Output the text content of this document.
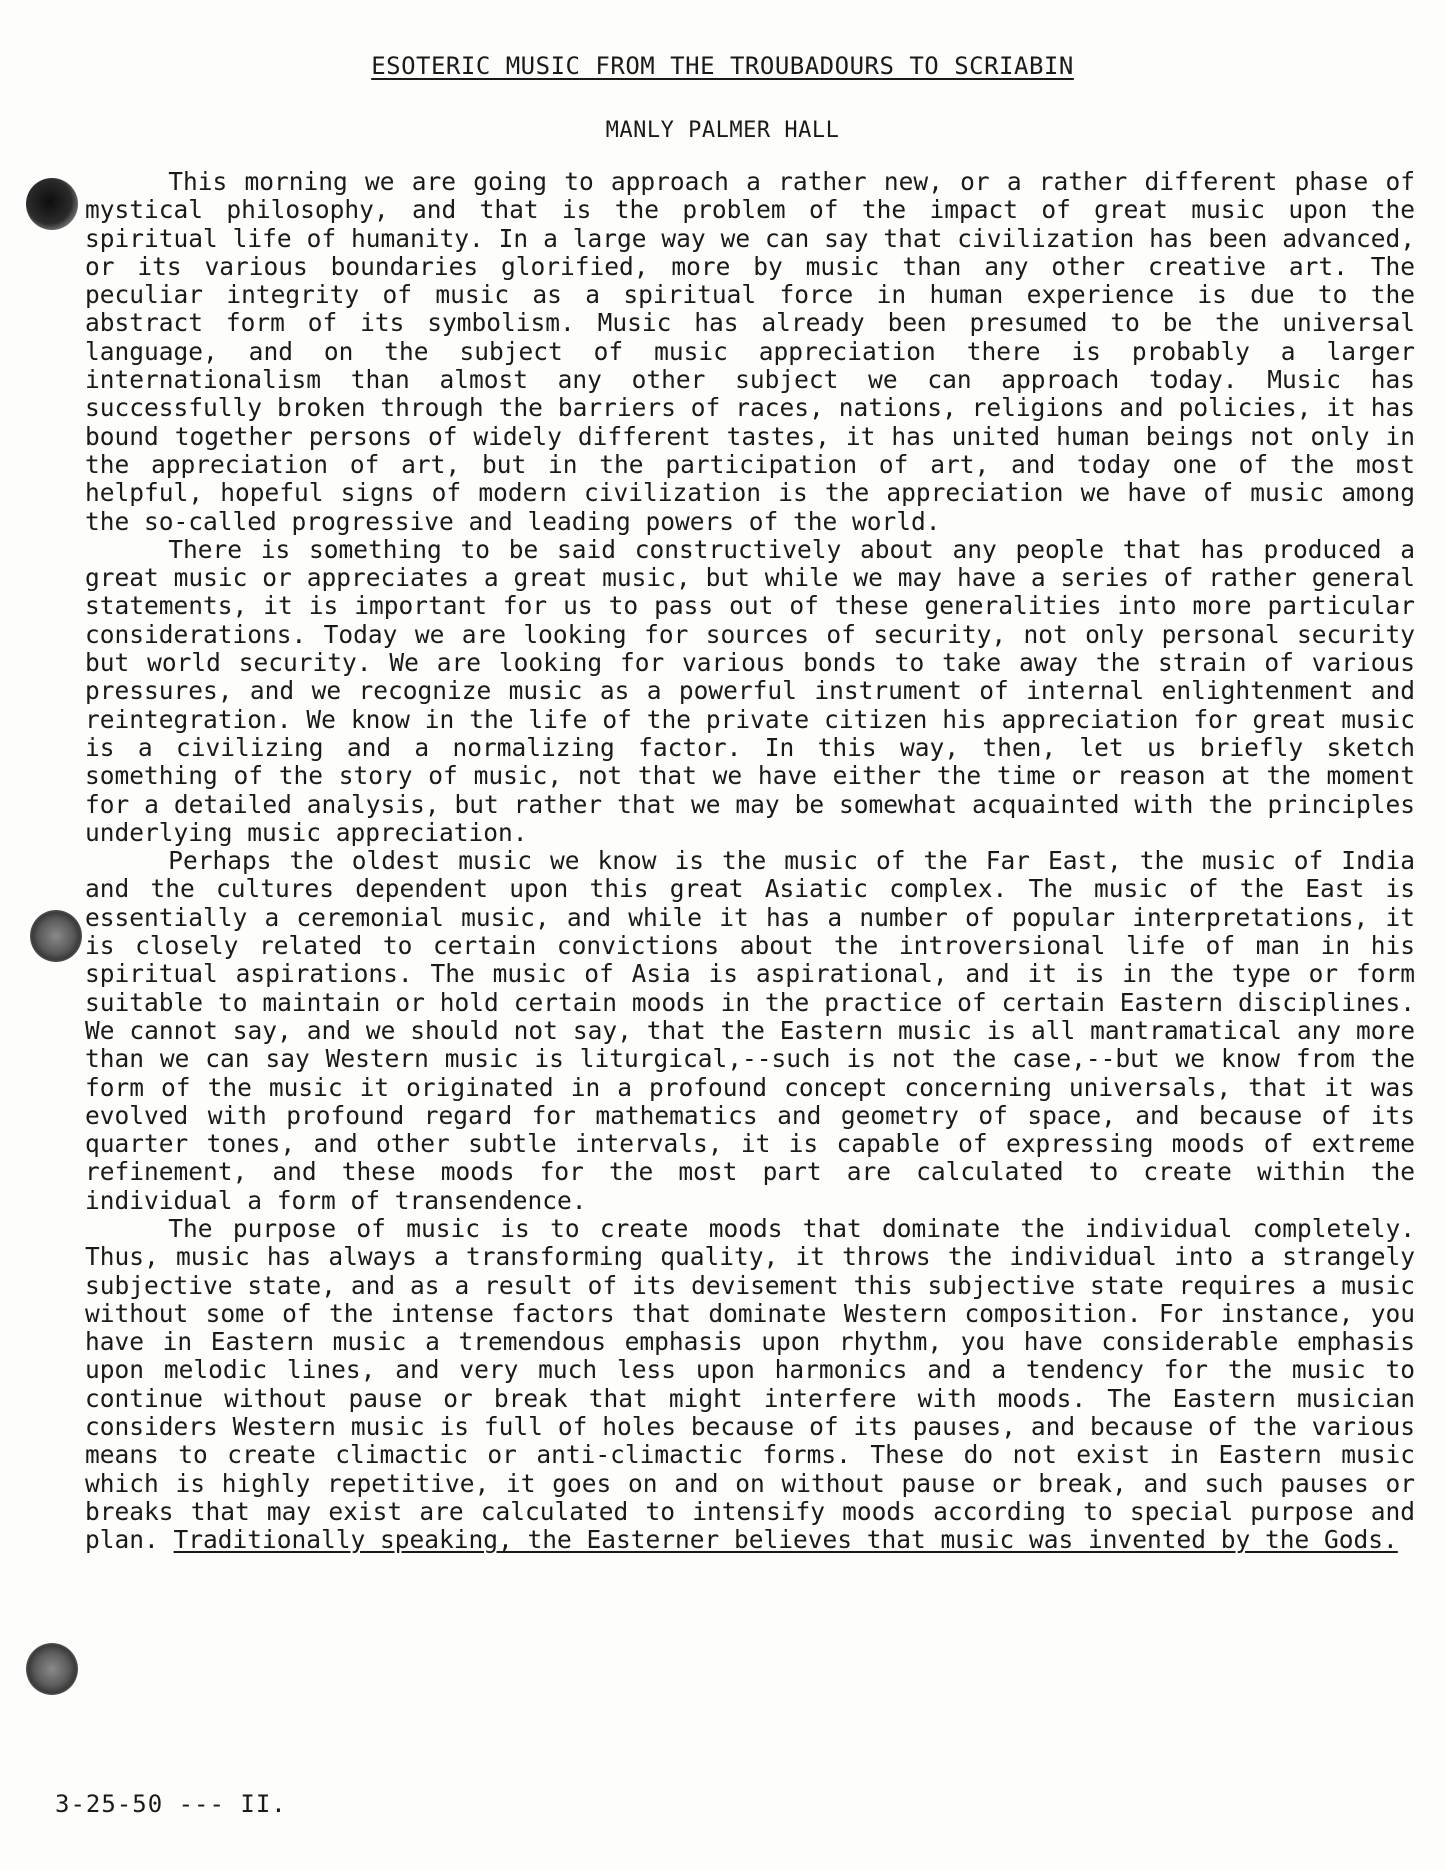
ESOTERIC MUSIC FROM THE TROUBADOURS TO SCRIABIN
MANLY PALMER HALL

This morning we are going to approach a rather new, or a rather different phase of mystical philosophy, and that is the problem of the impact of great music upon the spiritual life of humanity. In a large way we can say that civilization has been advanced, or its various boundaries glorified, more by music than any other creative art. The peculiar integrity of music as a spiritual force in human experience is due to the abstract form of its symbolism. Music has already been presumed to be the universal language, and on the subject of music appreciation there is probably a larger internationalism than almost any other subject we can approach today. Music has successfully broken through the barriers of races, nations, religions and policies, it has bound together persons of widely different tastes, it has united human beings not only in the appreciation of art, but in the participation of art, and today one of the most helpful, hopeful signs of modern civilization is the appreciation we have of music among the so-called progressive and leading powers of the world.

There is something to be said constructively about any people that has produced a great music or appreciates a great music, but while we may have a series of rather general statements, it is important for us to pass out of these generalities into more particular considerations. Today we are looking for sources of security, not only personal security but world security. We are looking for various bonds to take away the strain of various pressures, and we recognize music as a powerful instrument of internal enlightenment and reintegration. We know in the life of the private citizen his appreciation for great music is a civilizing and a normalizing factor. In this way, then, let us briefly sketch something of the story of music, not that we have either the time or reason at the moment for a detailed analysis, but rather that we may be somewhat acquainted with the principles underlying music appreciation.

Perhaps the oldest music we know is the music of the Far East, the music of India and the cultures dependent upon this great Asiatic complex. The music of the East is essentially a ceremonial music, and while it has a number of popular interpretations, it is closely related to certain convictions about the introversional life of man in his spiritual aspirations. The music of Asia is aspirational, and it is in the type or form suitable to maintain or hold certain moods in the practice of certain Eastern disciplines. We cannot say, and we should not say, that the Eastern music is all mantramatical any more than we can say Western music is liturgical,--such is not the case,--but we know from the form of the music it originated in a profound concept concerning universals, that it was evolved with profound regard for mathematics and geometry of space, and because of its quarter tones, and other subtle intervals, it is capable of expressing moods of extreme refinement, and these moods for the most part are calculated to create within the individual a form of transendence.

The purpose of music is to create moods that dominate the individual completely. Thus, music has always a transforming quality, it throws the individual into a strangely subjective state, and as a result of its devisement this subjective state requires a music without some of the intense factors that dominate Western composition. For instance, you have in Eastern music a tremendous emphasis upon rhythm, you have considerable emphasis upon melodic lines, and very much less upon harmonics and a tendency for the music to continue without pause or break that might interfere with moods. The Eastern musician considers Western music is full of holes because of its pauses, and because of the various means to create climactic or anti-climactic forms. These do not exist in Eastern music which is highly repetitive, it goes on and on without pause or break, and such pauses or breaks that may exist are calculated to intensify moods according to special purpose and plan. Traditionally speaking, the Easterner believes that music was invented by the Gods.

3-25-50 --- II.
